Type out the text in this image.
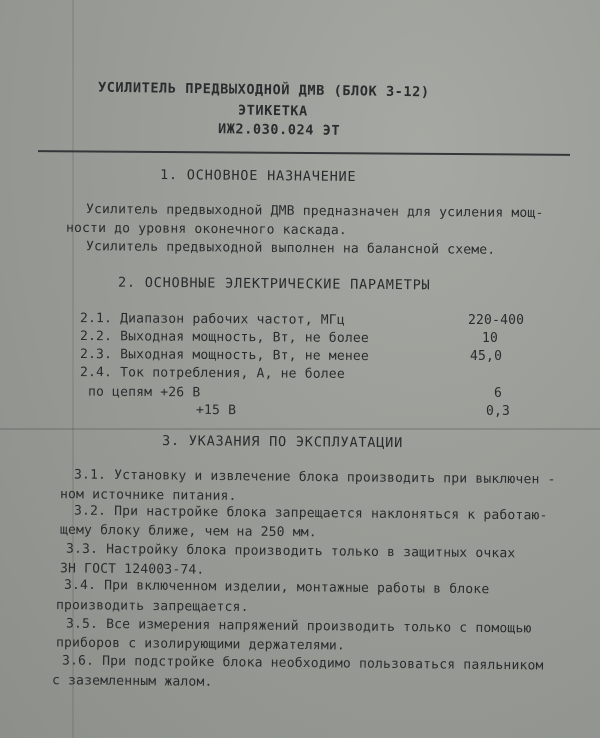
УСИЛИТЕЛЬ ПРЕДВЫХОДНОЙ ДМВ (БЛОК 3-12)
ЭТИКЕТКА
ИЖ2.030.024 ЭТ
1. ОСНОВНОЕ НАЗНАЧЕНИЕ
Усилитель предвыходной ДМВ предназначен для усиления мощ-
ности до уровня оконечного каскада.
Усилитель предвыходной выполнен на балансной схеме.
2. ОСНОВНЫЕ ЭЛЕКТРИЧЕСКИЕ ПАРАМЕТРЫ
2.1. Диапазон рабочих частот, МГц	220-400
2.2. Выходная мощность, Вт, не более	10
2.3. Выходная мощность, Вт, не менее	45,0
2.4. Ток потребления, А, не более
по цепям +26 В	6
+15 В	0,3
3. УКАЗАНИЯ ПО ЭКСПЛУАТАЦИИ
3.1. Установку и извлечение блока производить при выключен -
ном источнике питания.
3.2. При настройке блока запрещается наклоняться к работаю-
щему блоку ближе, чем на 250 мм.
3.3. Настройку блока производить только в защитных очках
ЗН ГОСТ 124003-74.
3.4. При включенном изделии, монтажные работы в блоке
производить запрещается.
3.5. Все измерения напряжений производить только с помощью
приборов с изолирующими держателями.
3.6. При подстройке блока необходимо пользоваться паяльником
с заземленным жалом.
